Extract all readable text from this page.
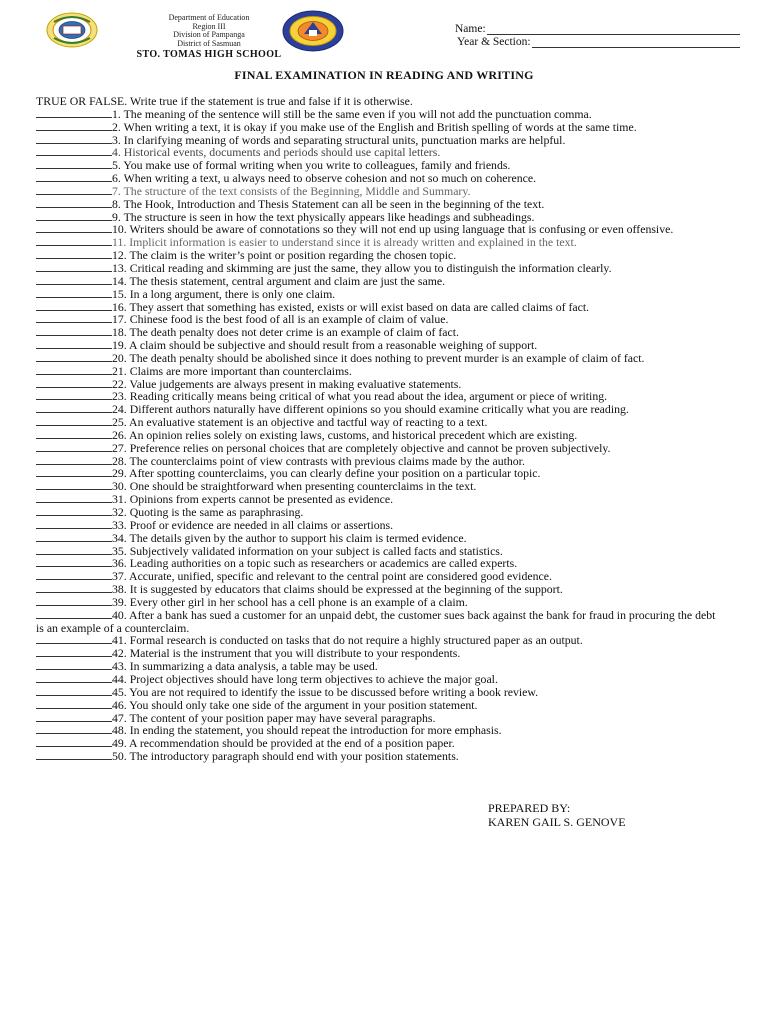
Department of Education
Region III
Division of Pampanga
District of Sasmuan
STO. TOMAS HIGH SCHOOL
Name:
Year & Section:
FINAL EXAMINATION IN READING AND WRITING

TRUE OR FALSE. Write true if the statement is true and false if it is otherwise.

1. The meaning of the sentence will still be the same even if you will not add the punctuation comma.
2. When writing a text, it is okay if you make use of the English and British spelling of words at the same time.
3. In clarifying meaning of words and separating structural units, punctuation marks are helpful.
4. Historical events, documents and periods should use capital letters.
5. You make use of formal writing when you write to colleagues, family and friends.
6. When writing a text, u always need to observe cohesion and not so much on coherence.
7. The structure of the text consists of the Beginning, Middle and Summary.
8. The Hook, Introduction and Thesis Statement can all be seen in the beginning of the text.
9. The structure is seen in how the text physically appears like headings and subheadings.
10. Writers should be aware of connotations so they will not end up using language that is confusing or even offensive.
11. Implicit information is easier to understand since it is already written and explained in the text.
12. The claim is the writer’s point or position regarding the chosen topic.
13. Critical reading and skimming are just the same, they allow you to distinguish the information clearly.
14. The thesis statement, central argument and claim are just the same.
15. In a long argument, there is only one claim.
16. They assert that something has existed, exists or will exist based on data are called claims of fact.
17. Chinese food is the best food of all is an example of claim of value.
18. The death penalty does not deter crime is an example of claim of fact.
19. A claim should be subjective and should result from a reasonable weighing of support.
20. The death penalty should be abolished since it does nothing to prevent murder is an example of claim of fact.
21. Claims are more important than counterclaims.
22. Value judgements are always present in making evaluative statements.
23. Reading critically means being critical of what you read about the idea, argument or piece of writing.
24. Different authors naturally have different opinions so you should examine critically what you are reading.
25. An evaluative statement is an objective and tactful way of reacting to a text.
26. An opinion relies solely on existing laws, customs, and historical precedent which are existing.
27. Preference relies on personal choices that are completely objective and cannot be proven subjectively.
28. The counterclaims point of view contrasts with previous claims made by the author.
29. After spotting counterclaims, you can clearly define your position on a particular topic.
30. One should be straightforward when presenting counterclaims in the text.
31. Opinions from experts cannot be presented as evidence.
32. Quoting is the same as paraphrasing.
33. Proof or evidence are needed in all claims or assertions.
34. The details given by the author to support his claim is termed evidence.
35. Subjectively validated information on your subject is called facts and statistics.
36. Leading authorities on a topic such as researchers or academics are called experts.
37. Accurate, unified, specific and relevant to the central point are considered good evidence.
38. It is suggested by educators that claims should be expressed at the beginning of the support.
39. Every other girl in her school has a cell phone is an example of a claim.
40. After a bank has sued a customer for an unpaid debt, the customer sues back against the bank for fraud in procuring the debt is an example of a counterclaim.
41. Formal research is conducted on tasks that do not require a highly structured paper as an output.
42. Material is the instrument that you will distribute to your respondents.
43. In summarizing a data analysis, a table may be used.
44. Project objectives should have long term objectives to achieve the major goal.
45. You are not required to identify the issue to be discussed before writing a book review.
46. You should only take one side of the argument in your position statement.
47. The content of your position paper may have several paragraphs.
48. In ending the statement, you should repeat the introduction for more emphasis.
49. A recommendation should be provided at the end of a position paper.
50. The introductory paragraph should end with your position statements.
PREPARED BY:
KAREN GAIL S. GENOVE
